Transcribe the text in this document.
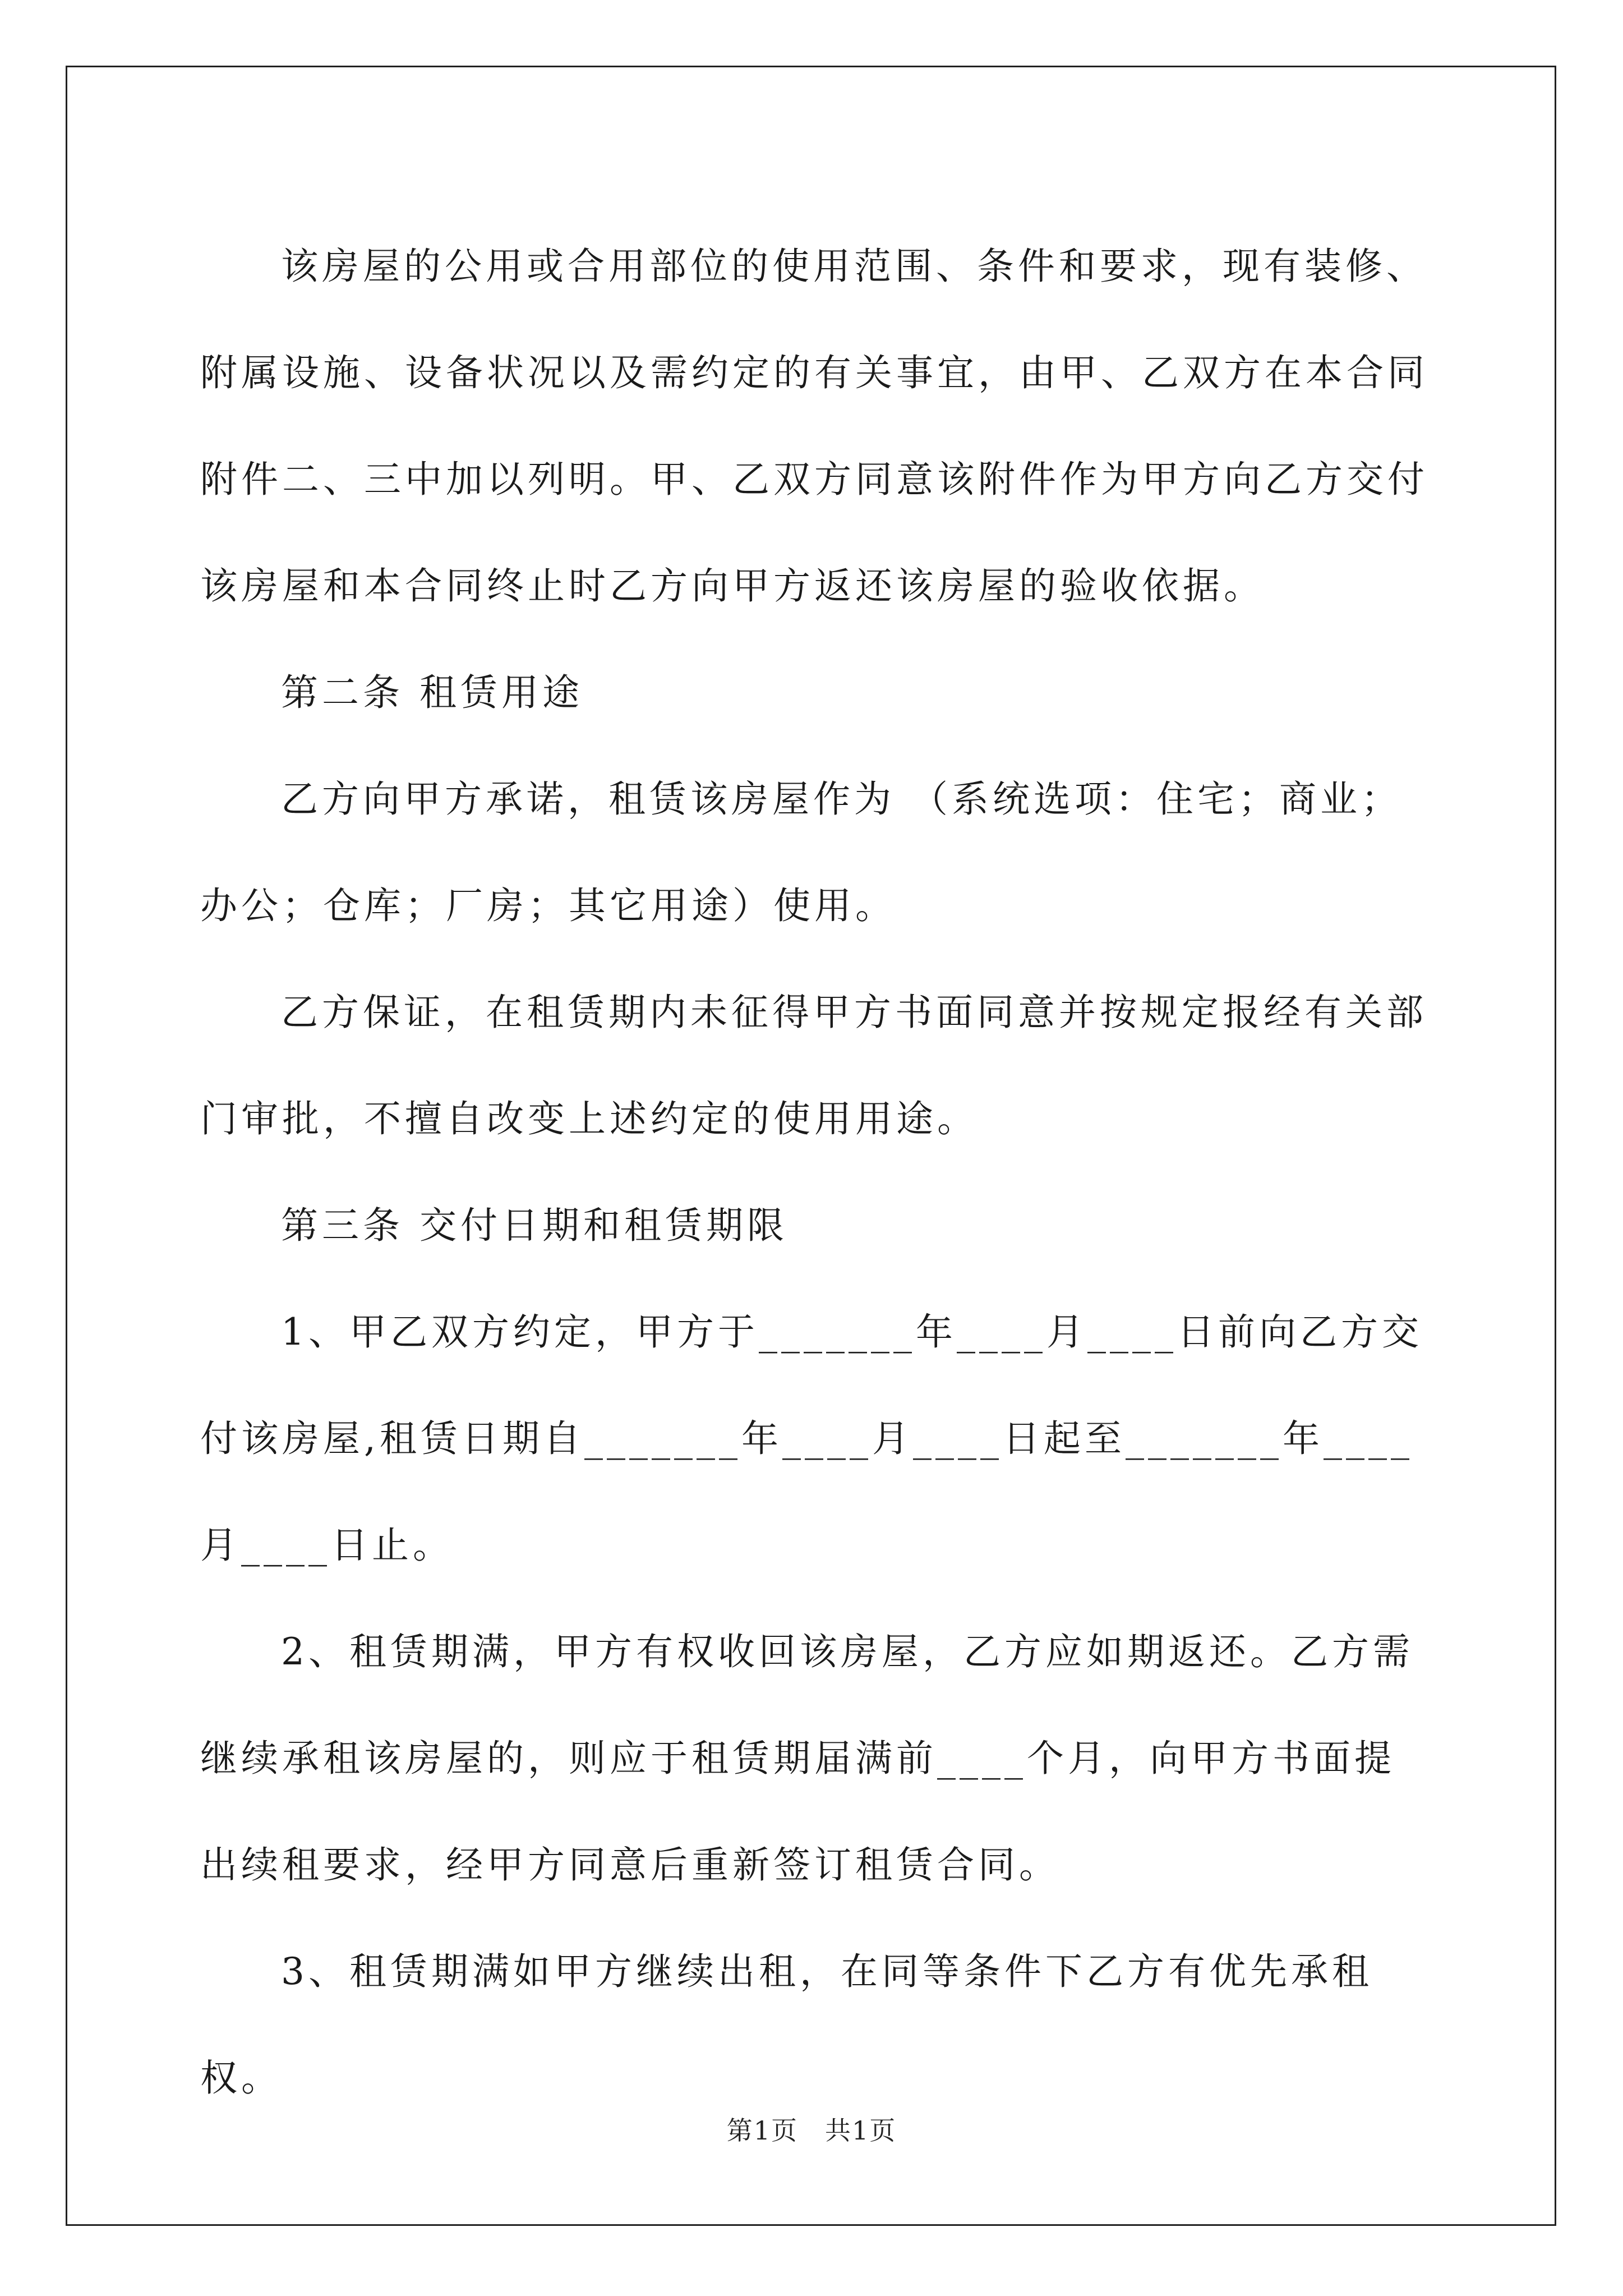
该房屋的公用或合用部位的使用范围、条件和要求，现有装修、附属设施、设备状况以及需约定的有关事宜，由甲、乙双方在本合同附件二、三中加以列明。甲、乙双方同意该附件作为甲方向乙方交付该房屋和本合同终止时乙方向甲方返还该房屋的验收依据。

第二条 租赁用途

乙方向甲方承诺，租赁该房屋作为 （系统选项：住宅；商业；办公；仓库；厂房；其它用途）使用。

乙方保证，在租赁期内未征得甲方书面同意并按规定报经有关部门审批，不擅自改变上述约定的使用用途。

第三条 交付日期和租赁期限

1、甲乙双方约定，甲方于_______年____月____日前向乙方交付该房屋,租赁日期自_______年____月____日起至_______年____月____日止。

2、租赁期满，甲方有权收回该房屋，乙方应如期返还。乙方需继续承租该房屋的，则应于租赁期届满前____个月，向甲方书面提出续租要求，经甲方同意后重新签订租赁合同。

3、租赁期满如甲方继续出租，在同等条件下乙方有优先承租权。

第1页　共1页
